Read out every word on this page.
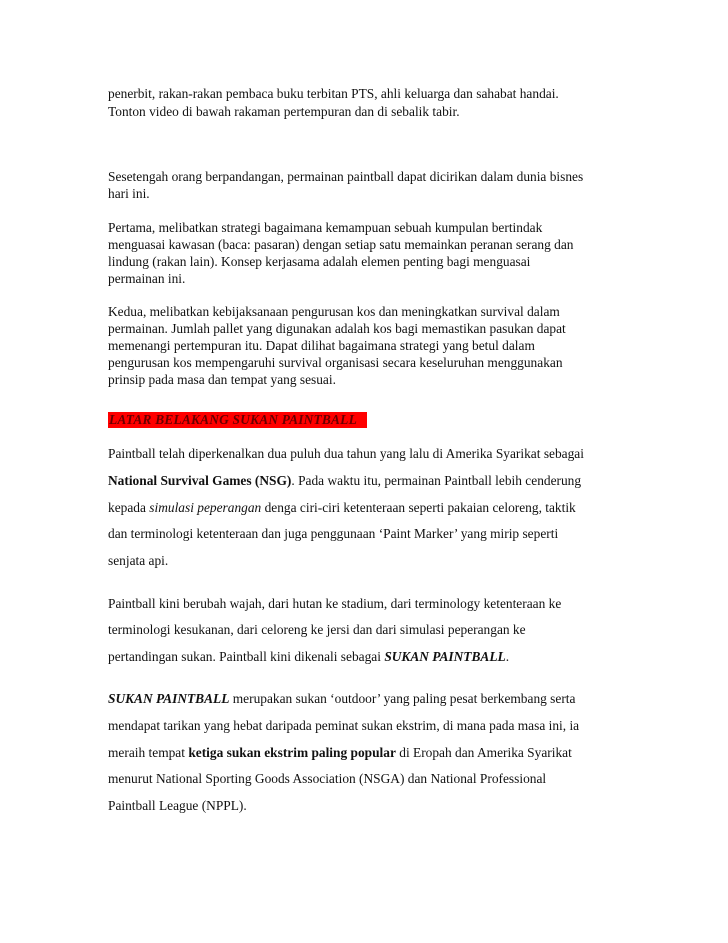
penerbit, rakan-rakan pembaca buku terbitan PTS, ahli keluarga dan sahabat handai.
Tonton video di bawah rakaman pertempuran dan di sebalik tabir.
Sesetengah orang berpandangan, permainan paintball dapat dicirikan dalam dunia bisnes
hari ini.
Pertama, melibatkan strategi bagaimana kemampuan sebuah kumpulan bertindak
menguasai kawasan (baca: pasaran) dengan setiap satu memainkan peranan serang dan
lindung (rakan lain). Konsep kerjasama adalah elemen penting bagi menguasai
permainan ini.
Kedua, melibatkan kebijaksanaan pengurusan kos dan meningkatkan survival dalam
permainan. Jumlah pallet yang digunakan adalah kos bagi memastikan pasukan dapat
memenangi pertempuran itu. Dapat dilihat bagaimana strategi yang betul dalam
pengurusan kos mempengaruhi survival organisasi secara keseluruhan menggunakan
prinsip pada masa dan tempat yang sesuai.
LATAR BELAKANG SUKAN PAINTBALL
Paintball telah diperkenalkan dua puluh dua tahun yang lalu di Amerika Syarikat sebagai
National Survival Games (NSG). Pada waktu itu, permainan Paintball lebih cenderung
kepada simulasi peperangan denga ciri-ciri ketenteraan seperti pakaian celoreng, taktik
dan terminologi ketenteraan dan juga penggunaan ‘Paint Marker’ yang mirip seperti
senjata api.
Paintball kini berubah wajah, dari hutan ke stadium, dari terminology ketenteraan ke
terminologi kesukanan, dari celoreng ke jersi dan dari simulasi peperangan ke
pertandingan sukan. Paintball kini dikenali sebagai SUKAN PAINTBALL.
SUKAN PAINTBALL merupakan sukan ‘outdoor’ yang paling pesat berkembang serta
mendapat tarikan yang hebat daripada peminat sukan ekstrim, di mana pada masa ini, ia
meraih tempat ketiga sukan ekstrim paling popular di Eropah dan Amerika Syarikat
menurut National Sporting Goods Association (NSGA) dan National Professional
Paintball League (NPPL).
